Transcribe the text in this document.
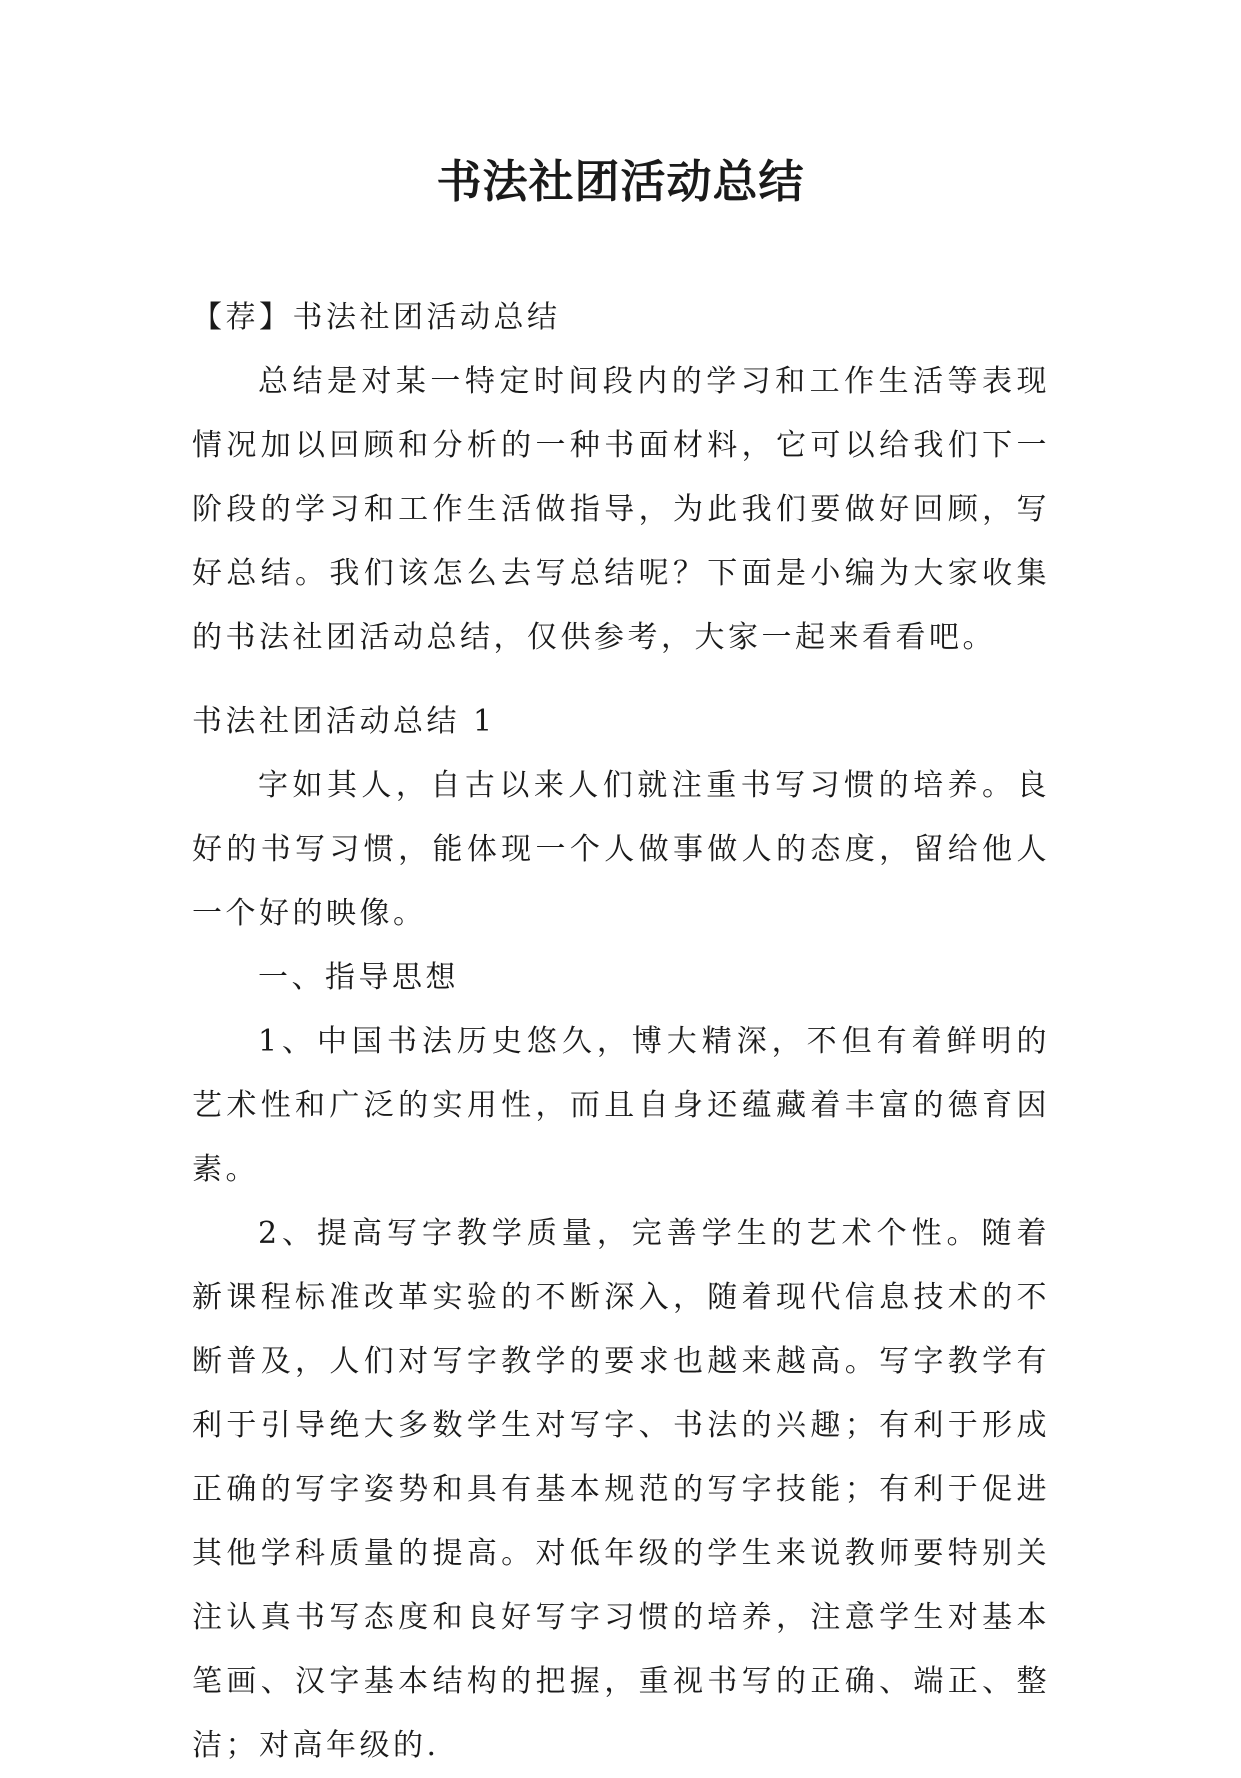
书法社团活动总结

【荐】书法社团活动总结

总结是对某一特定时间段内的学习和工作生活等表现情况加以回顾和分析的一种书面材料，它可以给我们下一阶段的学习和工作生活做指导，为此我们要做好回顾，写好总结。我们该怎么去写总结呢？下面是小编为大家收集的书法社团活动总结，仅供参考，大家一起来看看吧。

书法社团活动总结 1

字如其人，自古以来人们就注重书写习惯的培养。良好的书写习惯，能体现一个人做事做人的态度，留给他人一个好的映像。

一、指导思想

1、中国书法历史悠久，博大精深，不但有着鲜明的艺术性和广泛的实用性，而且自身还蕴藏着丰富的德育因素。

2、提高写字教学质量，完善学生的艺术个性。随着新课程标准改革实验的不断深入，随着现代信息技术的不断普及，人们对写字教学的要求也越来越高。写字教学有利于引导绝大多数学生对写字、书法的兴趣；有利于形成正确的写字姿势和具有基本规范的写字技能；有利于促进其他学科质量的提高。对低年级的学生来说教师要特别关注认真书写态度和良好写字习惯的培养，注意学生对基本笔画、汉字基本结构的把握，重视书写的正确、端正、整洁；对高年级的.
